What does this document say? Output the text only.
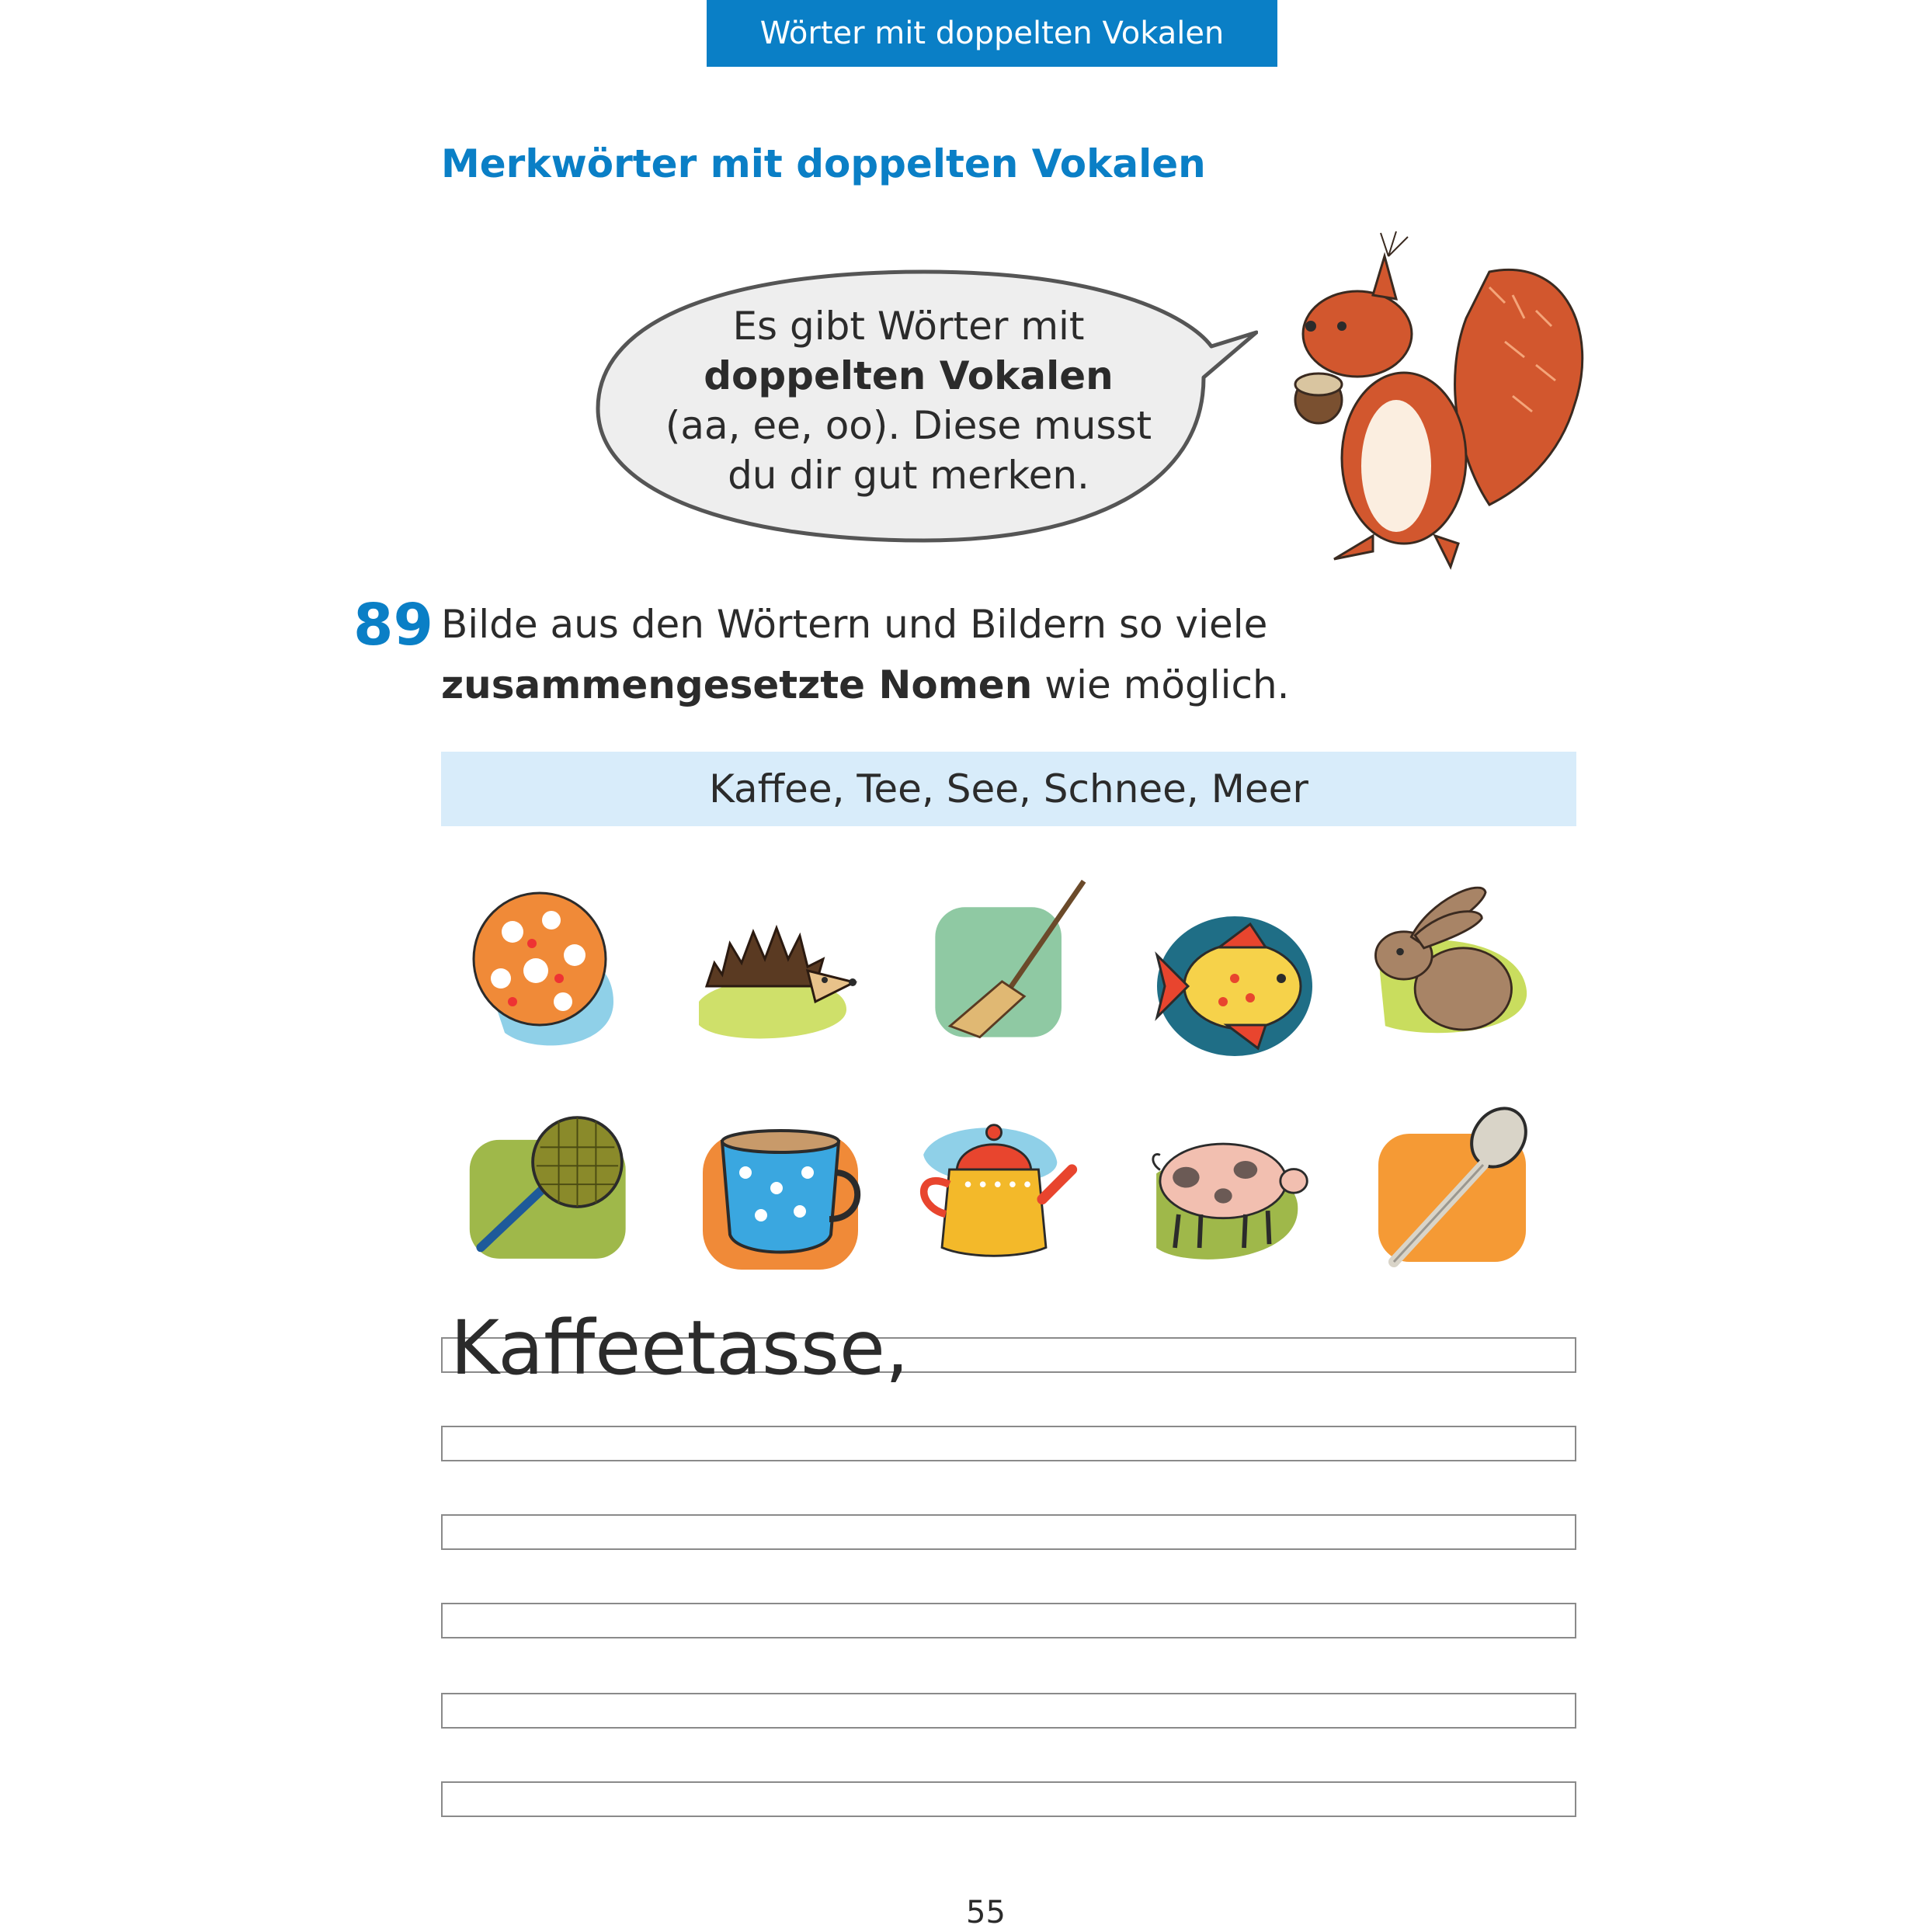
Wörter mit doppelten Vokalen
Merkwörter mit doppelten Vokalen
Es gibt Wörter mit
doppelten Vokalen
(aa, ee, oo). Diese musst
du dir gut merken.
89 Bilde aus den Wörtern und Bildern so viele
zusammengesetzte Nomen wie möglich.
Kaffee, Tee, See, Schnee, Meer
Kaffeetasse,
55
